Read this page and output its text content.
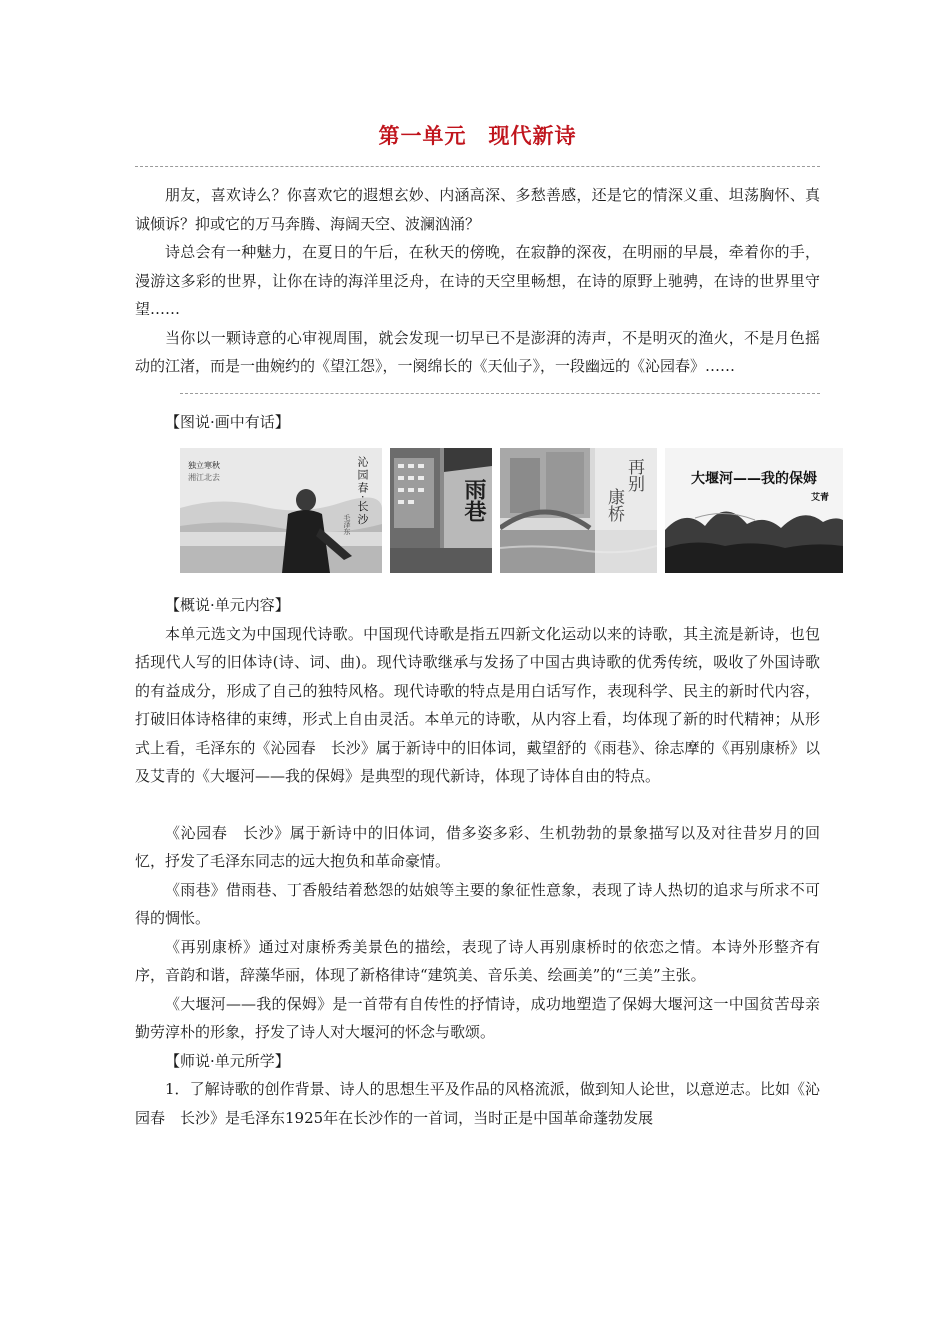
第一单元 现代新诗

朋友，喜欢诗么？你喜欢它的遐想玄妙、内涵高深、多愁善感，还是它的情深义重、坦荡胸怀、真诚倾诉？抑或它的万马奔腾、海阔天空、波澜汹涌？

诗总会有一种魅力，在夏日的午后，在秋天的傍晚，在寂静的深夜，在明丽的早晨，牵着你的手，漫游这多彩的世界，让你在诗的海洋里泛舟，在诗的天空里畅想，在诗的原野上驰骋，在诗的世界里守望……

当你以一颗诗意的心审视周围，就会发现一切早已不是澎湃的涛声，不是明灭的渔火，不是月色摇动的江渚，而是一曲婉约的《望江怨》，一阕绵长的《天仙子》，一段幽远的《沁园春》……

【图说·画中有话】
独立寒秋
湘江北去	沁园春·长沙
毛泽东
雨巷
再别
康桥
大堰河——我的保姆
艾青
【概说·单元内容】

本单元选文为中国现代诗歌。中国现代诗歌是指五四新文化运动以来的诗歌，其主流是新诗，也包括现代人写的旧体诗(诗、词、曲)。现代诗歌继承与发扬了中国古典诗歌的优秀传统，吸收了外国诗歌的有益成分，形成了自己的独特风格。现代诗歌的特点是用白话写作，表现科学、民主的新时代内容，打破旧体诗格律的束缚，形式上自由灵活。本单元的诗歌，从内容上看，均体现了新的时代精神；从形式上看，毛泽东的《沁园春　长沙》属于新诗中的旧体词，戴望舒的《雨巷》、徐志摩的《再别康桥》以及艾青的《大堰河——我的保姆》是典型的现代新诗，体现了诗体自由的特点。

《沁园春　长沙》属于新诗中的旧体词，借多姿多彩、生机勃勃的景象描写以及对往昔岁月的回忆，抒发了毛泽东同志的远大抱负和革命豪情。

《雨巷》借雨巷、丁香般结着愁怨的姑娘等主要的象征性意象，表现了诗人热切的追求与所求不可得的惆怅。

《再别康桥》通过对康桥秀美景色的描绘，表现了诗人再别康桥时的依恋之情。本诗外形整齐有序，音韵和谐，辞藻华丽，体现了新格律诗“建筑美、音乐美、绘画美”的“三美”主张。

《大堰河——我的保姆》是一首带有自传性的抒情诗，成功地塑造了保姆大堰河这一中国贫苦母亲勤劳淳朴的形象，抒发了诗人对大堰河的怀念与歌颂。

【师说·单元所学】

1．了解诗歌的创作背景、诗人的思想生平及作品的风格流派，做到知人论世，以意逆志。比如《沁园春　长沙》是毛泽东1925年在长沙作的一首词，当时正是中国革命蓬勃发展
